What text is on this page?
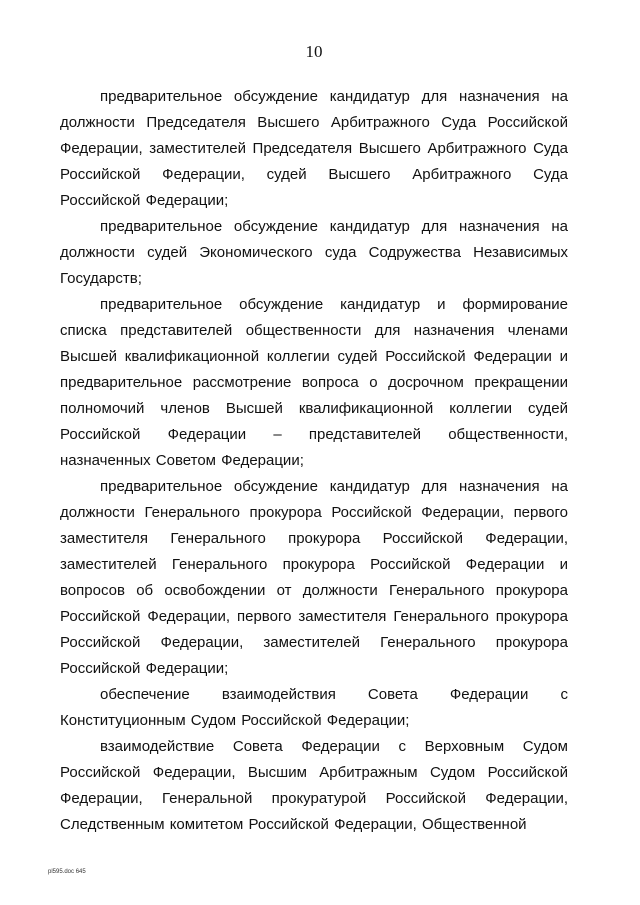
10

предварительное обсуждение кандидатур для назначения на должности Председателя Высшего Арбитражного Суда Российской Федерации, заместителей Председателя Высшего Арбитражного Суда Российской Федерации, судей Высшего Арбитражного Суда Российской Федерации;

предварительное обсуждение кандидатур для назначения на должности судей Экономического суда Содружества Независимых Государств;

предварительное обсуждение кандидатур и формирование списка представителей общественности для назначения членами Высшей квалификационной коллегии судей Российской Федерации и предварительное рассмотрение вопроса о досрочном прекращении полномочий членов Высшей квалификационной коллегии судей Российской Федерации – представителей общественности, назначенных Советом Федерации;

предварительное обсуждение кандидатур для назначения на должности Генерального прокурора Российской Федерации, первого заместителя Генерального прокурора Российской Федерации, заместителей Генерального прокурора Российской Федерации и вопросов об освобождении от должности Генерального прокурора Российской Федерации, первого заместителя Генерального прокурора Российской Федерации, заместителей Генерального прокурора Российской Федерации;

обеспечение взаимодействия Совета Федерации с Конституционным Судом Российской Федерации;

взаимодействие Совета Федерации с Верховным Судом Российской Федерации, Высшим Арбитражным Судом Российской Федерации, Генеральной прокуратурой Российской Федерации, Следственным комитетом Российской Федерации, Общественной

pl595.doc 645
